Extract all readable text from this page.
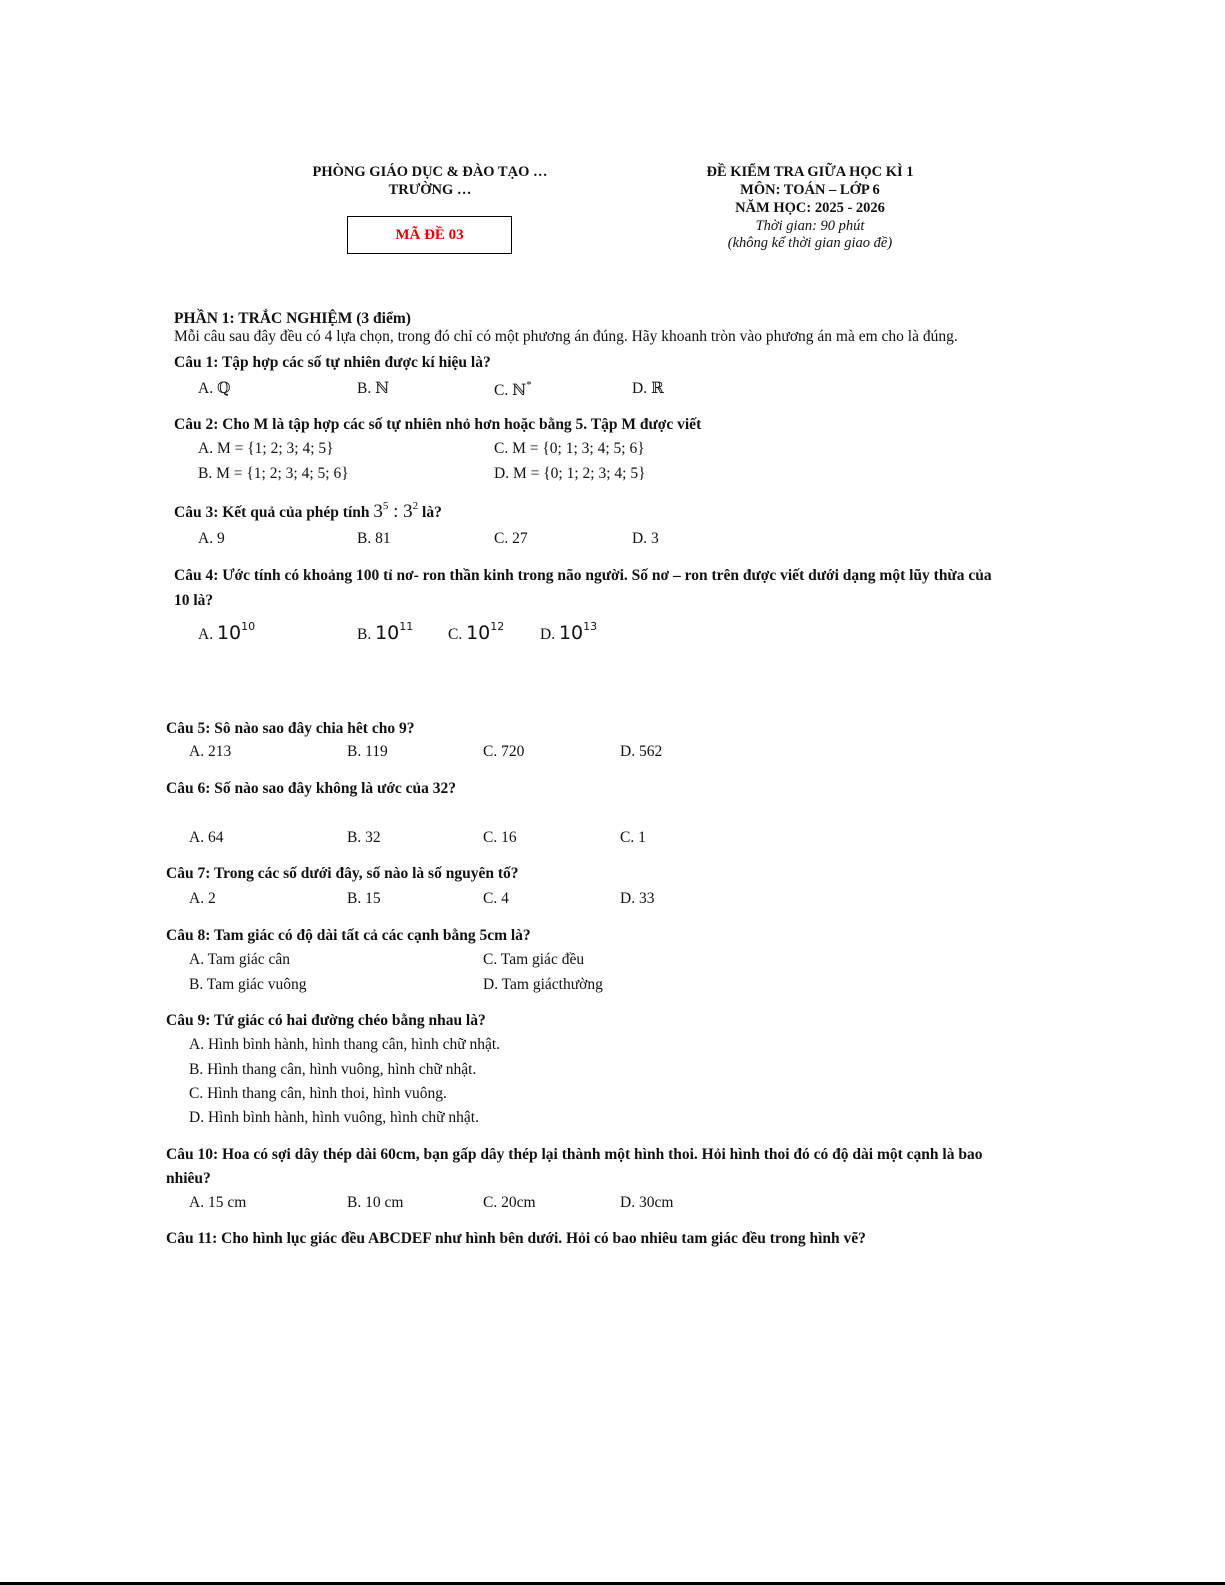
PHÒNG GIÁO DỤC & ĐÀO TẠO …
TRƯỜNG …
MÃ ĐỀ 03
ĐỀ KIỂM TRA GIỮA HỌC KÌ 1
MÔN: TOÁN – LỚP 6
NĂM HỌC: 2025 - 2026
Thời gian: 90 phút
(không kể thời gian giao đề)
PHẦN 1: TRẮC NGHIỆM (3 điểm)
Mỗi câu sau đây đều có 4 lựa chọn, trong đó chỉ có một phương án đúng. Hãy khoanh tròn vào phương án mà em cho là đúng.
Câu 1: Tập hợp các số tự nhiên được kí hiệu là?
A. ℚ	B. ℕ	C. ℕ*	D. ℝ
Câu 2: Cho M là tập hợp các số tự nhiên nhỏ hơn hoặc bằng 5. Tập M được viết
A. M = {1; 2; 3; 4; 5}	C. M = {0; 1; 3; 4; 5; 6}
B. M = {1; 2; 3; 4; 5; 6}	D. M = {0; 1; 2; 3; 4; 5}
Câu 3: Kết quả của phép tính $3^5$ : $3^2$ là?
A. 9	B. 81	C. 27	D. 3
Câu 4: Ước tính có khoảng 100 tỉ nơ- ron thần kinh trong não người. Số nơ – ron trên được viết dưới dạng một lũy thừa của
10 là?
A. $10^{10}$	B. $10^{11}$ C. $10^{12}$ D. $10^{13}$
Câu 5: Sô nào sao đây chia hêt cho 9?
A. 213	B. 119	C. 720	D. 562
Câu 6: Số nào sao đây không là ước của 32?
A. 64	B. 32	C. 16	C. 1
Câu 7: Trong các số dưới đây, số nào là số nguyên tố?
A. 2	B. 15	C. 4	D. 33
Câu 8: Tam giác có độ dài tất cả các cạnh bằng 5cm là?
A. Tam giác cân	C. Tam giác đều
B. Tam giác vuông	D. Tam giácthường
Câu 9: Tứ giác có hai đường chéo bằng nhau là?
A. Hình bình hành, hình thang cân, hình chữ nhật.
B. Hình thang cân, hình vuông, hình chữ nhật.
C. Hình thang cân, hình thoi, hình vuông.
D. Hình bình hành, hình vuông, hình chữ nhật.
Câu 10: Hoa có sợi dây thép dài 60cm, bạn gấp dây thép lại thành một hình thoi. Hỏi hình thoi đó có độ dài một cạnh là bao
nhiêu?
A. 15 cm	B. 10 cm	C. 20cm	D. 30cm
Câu 11: Cho hình lục giác đều ABCDEF như hình bên dưới. Hỏi có bao nhiêu tam giác đều trong hình vẽ?
